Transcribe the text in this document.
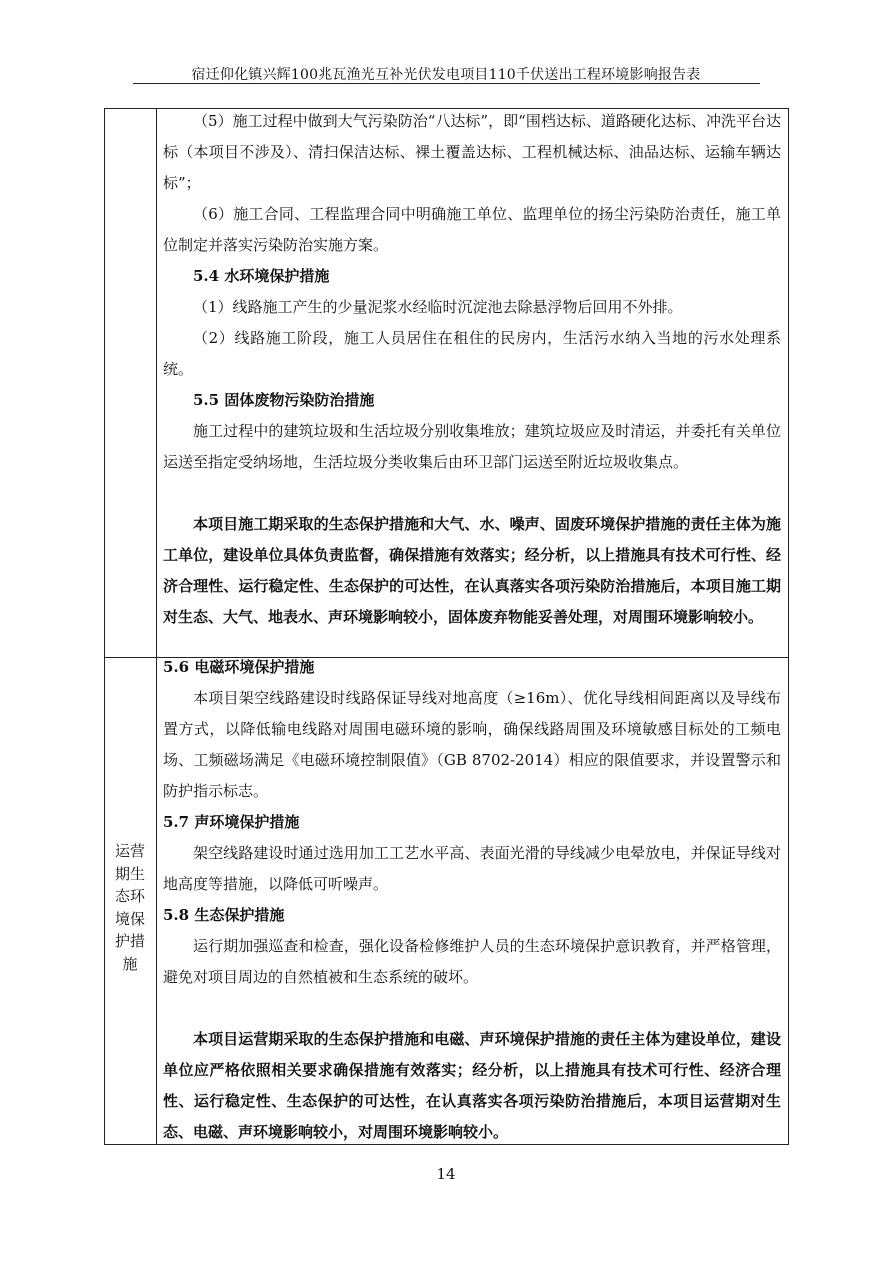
宿迁仰化镇兴辉100兆瓦渔光互补光伏发电项目110千伏送出工程环境影响报告表

（5）施工过程中做到大气污染防治“八达标”，即“围档达标、道路硬化达标、冲洗平台达标（本项目不涉及）、清扫保洁达标、裸土覆盖达标、工程机械达标、油品达标、运输车辆达标”；

（6）施工合同、工程监理合同中明确施工单位、监理单位的扬尘污染防治责任，施工单位制定并落实污染防治实施方案。

5.4 水环境保护措施

（1）线路施工产生的少量泥浆水经临时沉淀池去除悬浮物后回用不外排。

（2）线路施工阶段，施工人员居住在租住的民房内，生活污水纳入当地的污水处理系统。

5.5 固体废物污染防治措施

施工过程中的建筑垃圾和生活垃圾分别收集堆放；建筑垃圾应及时清运，并委托有关单位运送至指定受纳场地，生活垃圾分类收集后由环卫部门运送至附近垃圾收集点。

本项目施工期采取的生态保护措施和大气、水、噪声、固废环境保护措施的责任主体为施工单位，建设单位具体负责监督，确保措施有效落实；经分析，以上措施具有技术可行性、经济合理性、运行稳定性、生态保护的可达性，在认真落实各项污染防治措施后，本项目施工期对生态、大气、地表水、声环境影响较小，固体废弃物能妥善处理，对周围环境影响较小。

运营
期生
态环
境保
护措
施

5.6 电磁环境保护措施

本项目架空线路建设时线路保证导线对地高度（≥16m）、优化导线相间距离以及导线布置方式，以降低输电线路对周围电磁环境的影响，确保线路周围及环境敏感目标处的工频电场、工频磁场满足《电磁环境控制限值》（GB 8702-2014）相应的限值要求，并设置警示和防护指示标志。

5.7 声环境保护措施

架空线路建设时通过选用加工工艺水平高、表面光滑的导线减少电晕放电，并保证导线对地高度等措施，以降低可听噪声。

5.8 生态保护措施

运行期加强巡查和检查，强化设备检修维护人员的生态环境保护意识教育，并严格管理，避免对项目周边的自然植被和生态系统的破坏。

本项目运营期采取的生态保护措施和电磁、声环境保护措施的责任主体为建设单位，建设单位应严格依照相关要求确保措施有效落实；经分析，以上措施具有技术可行性、经济合理性、运行稳定性、生态保护的可达性，在认真落实各项污染防治措施后，本项目运营期对生态、电磁、声环境影响较小，对周围环境影响较小。

14
